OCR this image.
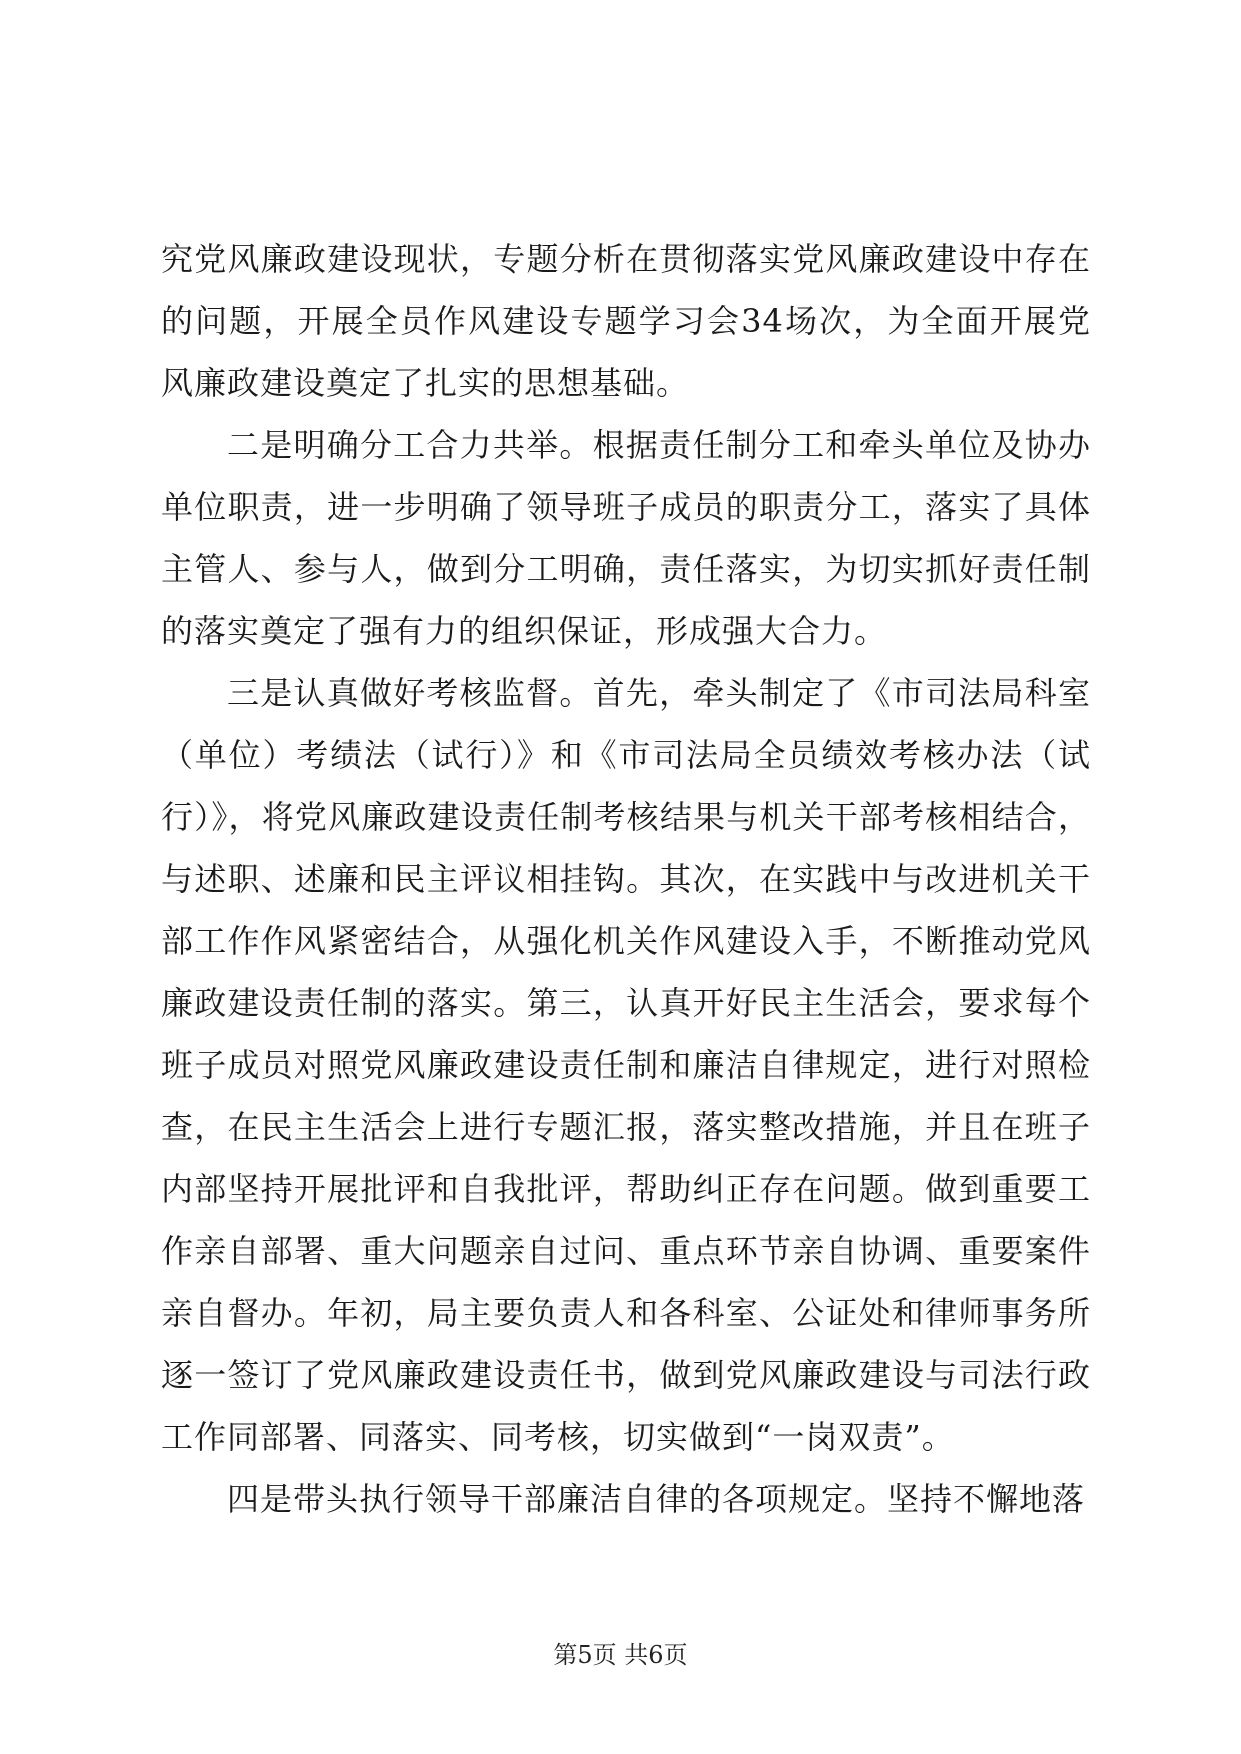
究党风廉政建设现状，专题分析在贯彻落实党风廉政建设中存在的问题，开展全员作风建设专题学习会34场次，为全面开展党风廉政建设奠定了扎实的思想基础。

二是明确分工合力共举。根据责任制分工和牵头单位及协办单位职责，进一步明确了领导班子成员的职责分工，落实了具体主管人、参与人，做到分工明确，责任落实，为切实抓好责任制的落实奠定了强有力的组织保证，形成强大合力。

三是认真做好考核监督。首先，牵头制定了《市司法局科室（单位）考绩法（试行）》和《市司法局全员绩效考核办法（试行）》，将党风廉政建设责任制考核结果与机关干部考核相结合，与述职、述廉和民主评议相挂钩。其次，在实践中与改进机关干部工作作风紧密结合，从强化机关作风建设入手，不断推动党风廉政建设责任制的落实。第三，认真开好民主生活会，要求每个班子成员对照党风廉政建设责任制和廉洁自律规定，进行对照检查，在民主生活会上进行专题汇报，落实整改措施，并且在班子内部坚持开展批评和自我批评，帮助纠正存在问题。做到重要工作亲自部署、重大问题亲自过问、重点环节亲自协调、重要案件亲自督办。年初，局主要负责人和各科室、公证处和律师事务所逐一签订了党风廉政建设责任书，做到党风廉政建设与司法行政工作同部署、同落实、同考核，切实做到“一岗双责”。

四是带头执行领导干部廉洁自律的各项规定。坚持不懈地落

第5页 共6页
